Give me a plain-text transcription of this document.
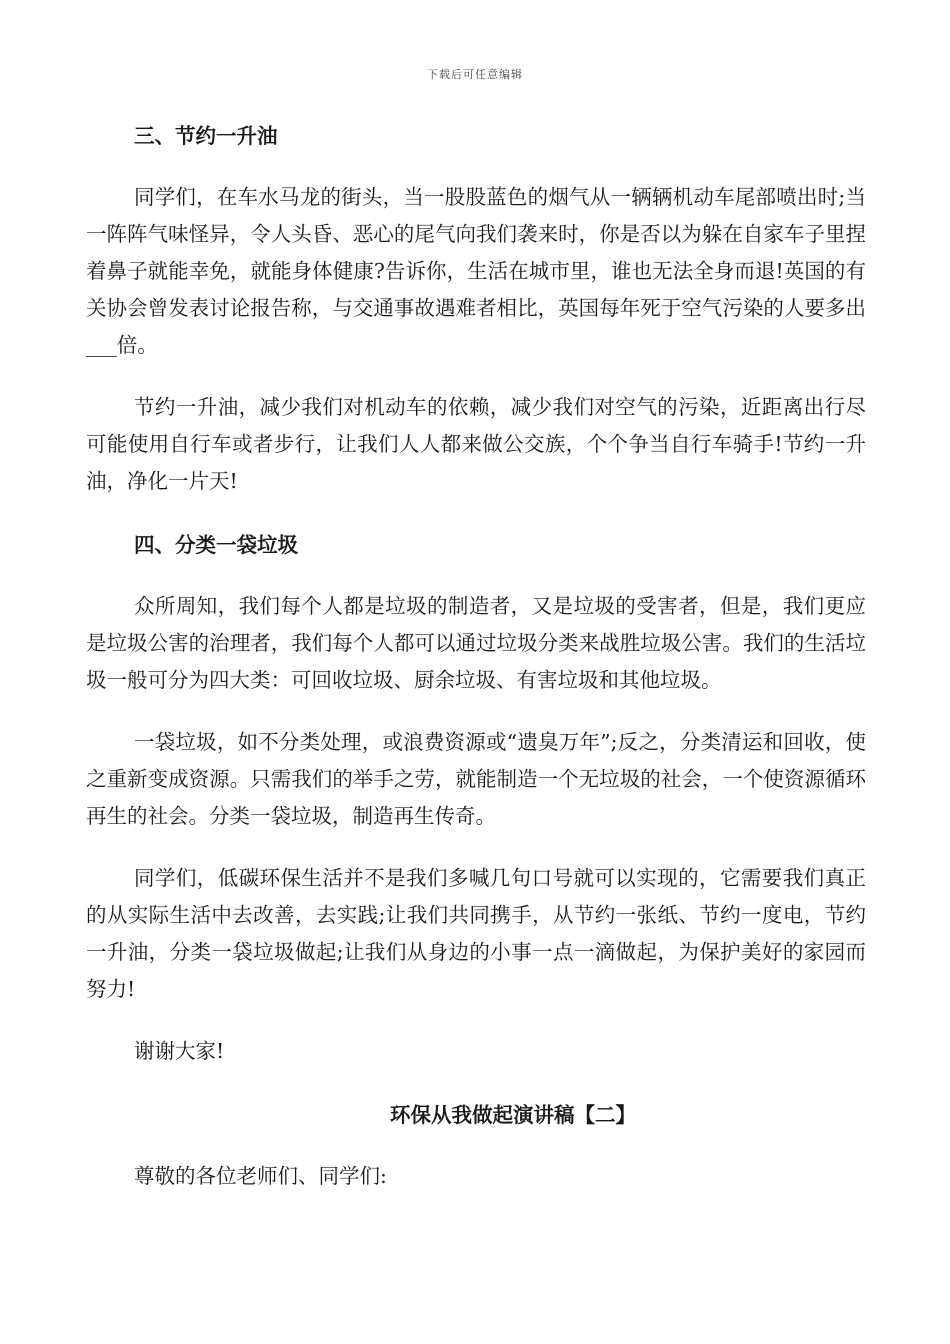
下载后可任意编辑
三、节约一升油

同学们，在车水马龙的街头，当一股股蓝色的烟气从一辆辆机动车尾部喷出时;当一阵阵气味怪异，令人头昏、恶心的尾气向我们袭来时，你是否以为躲在自家车子里捏着鼻子就能幸免，就能身体健康?告诉你，生活在城市里，谁也无法全身而退!英国的有关协会曾发表讨论报告称，与交通事故遇难者相比，英国每年死于空气污染的人要多出___倍。

节约一升油，减少我们对机动车的依赖，减少我们对空气的污染，近距离出行尽可能使用自行车或者步行，让我们人人都来做公交族，个个争当自行车骑手!节约一升油，净化一片天!

四、分类一袋垃圾

众所周知，我们每个人都是垃圾的制造者，又是垃圾的受害者，但是，我们更应是垃圾公害的治理者，我们每个人都可以通过垃圾分类来战胜垃圾公害。我们的生活垃圾一般可分为四大类：可回收垃圾、厨余垃圾、有害垃圾和其他垃圾。

一袋垃圾，如不分类处理，或浪费资源或“遗臭万年”;反之，分类清运和回收，使之重新变成资源。只需我们的举手之劳，就能制造一个无垃圾的社会，一个使资源循环再生的社会。分类一袋垃圾，制造再生传奇。

同学们，低碳环保生活并不是我们多喊几句口号就可以实现的，它需要我们真正的从实际生活中去改善，去实践;让我们共同携手，从节约一张纸、节约一度电，节约一升油，分类一袋垃圾做起;让我们从身边的小事一点一滴做起，为保护美好的家园而努力!

谢谢大家!

环保从我做起演讲稿【二】

尊敬的各位老师们、同学们:
